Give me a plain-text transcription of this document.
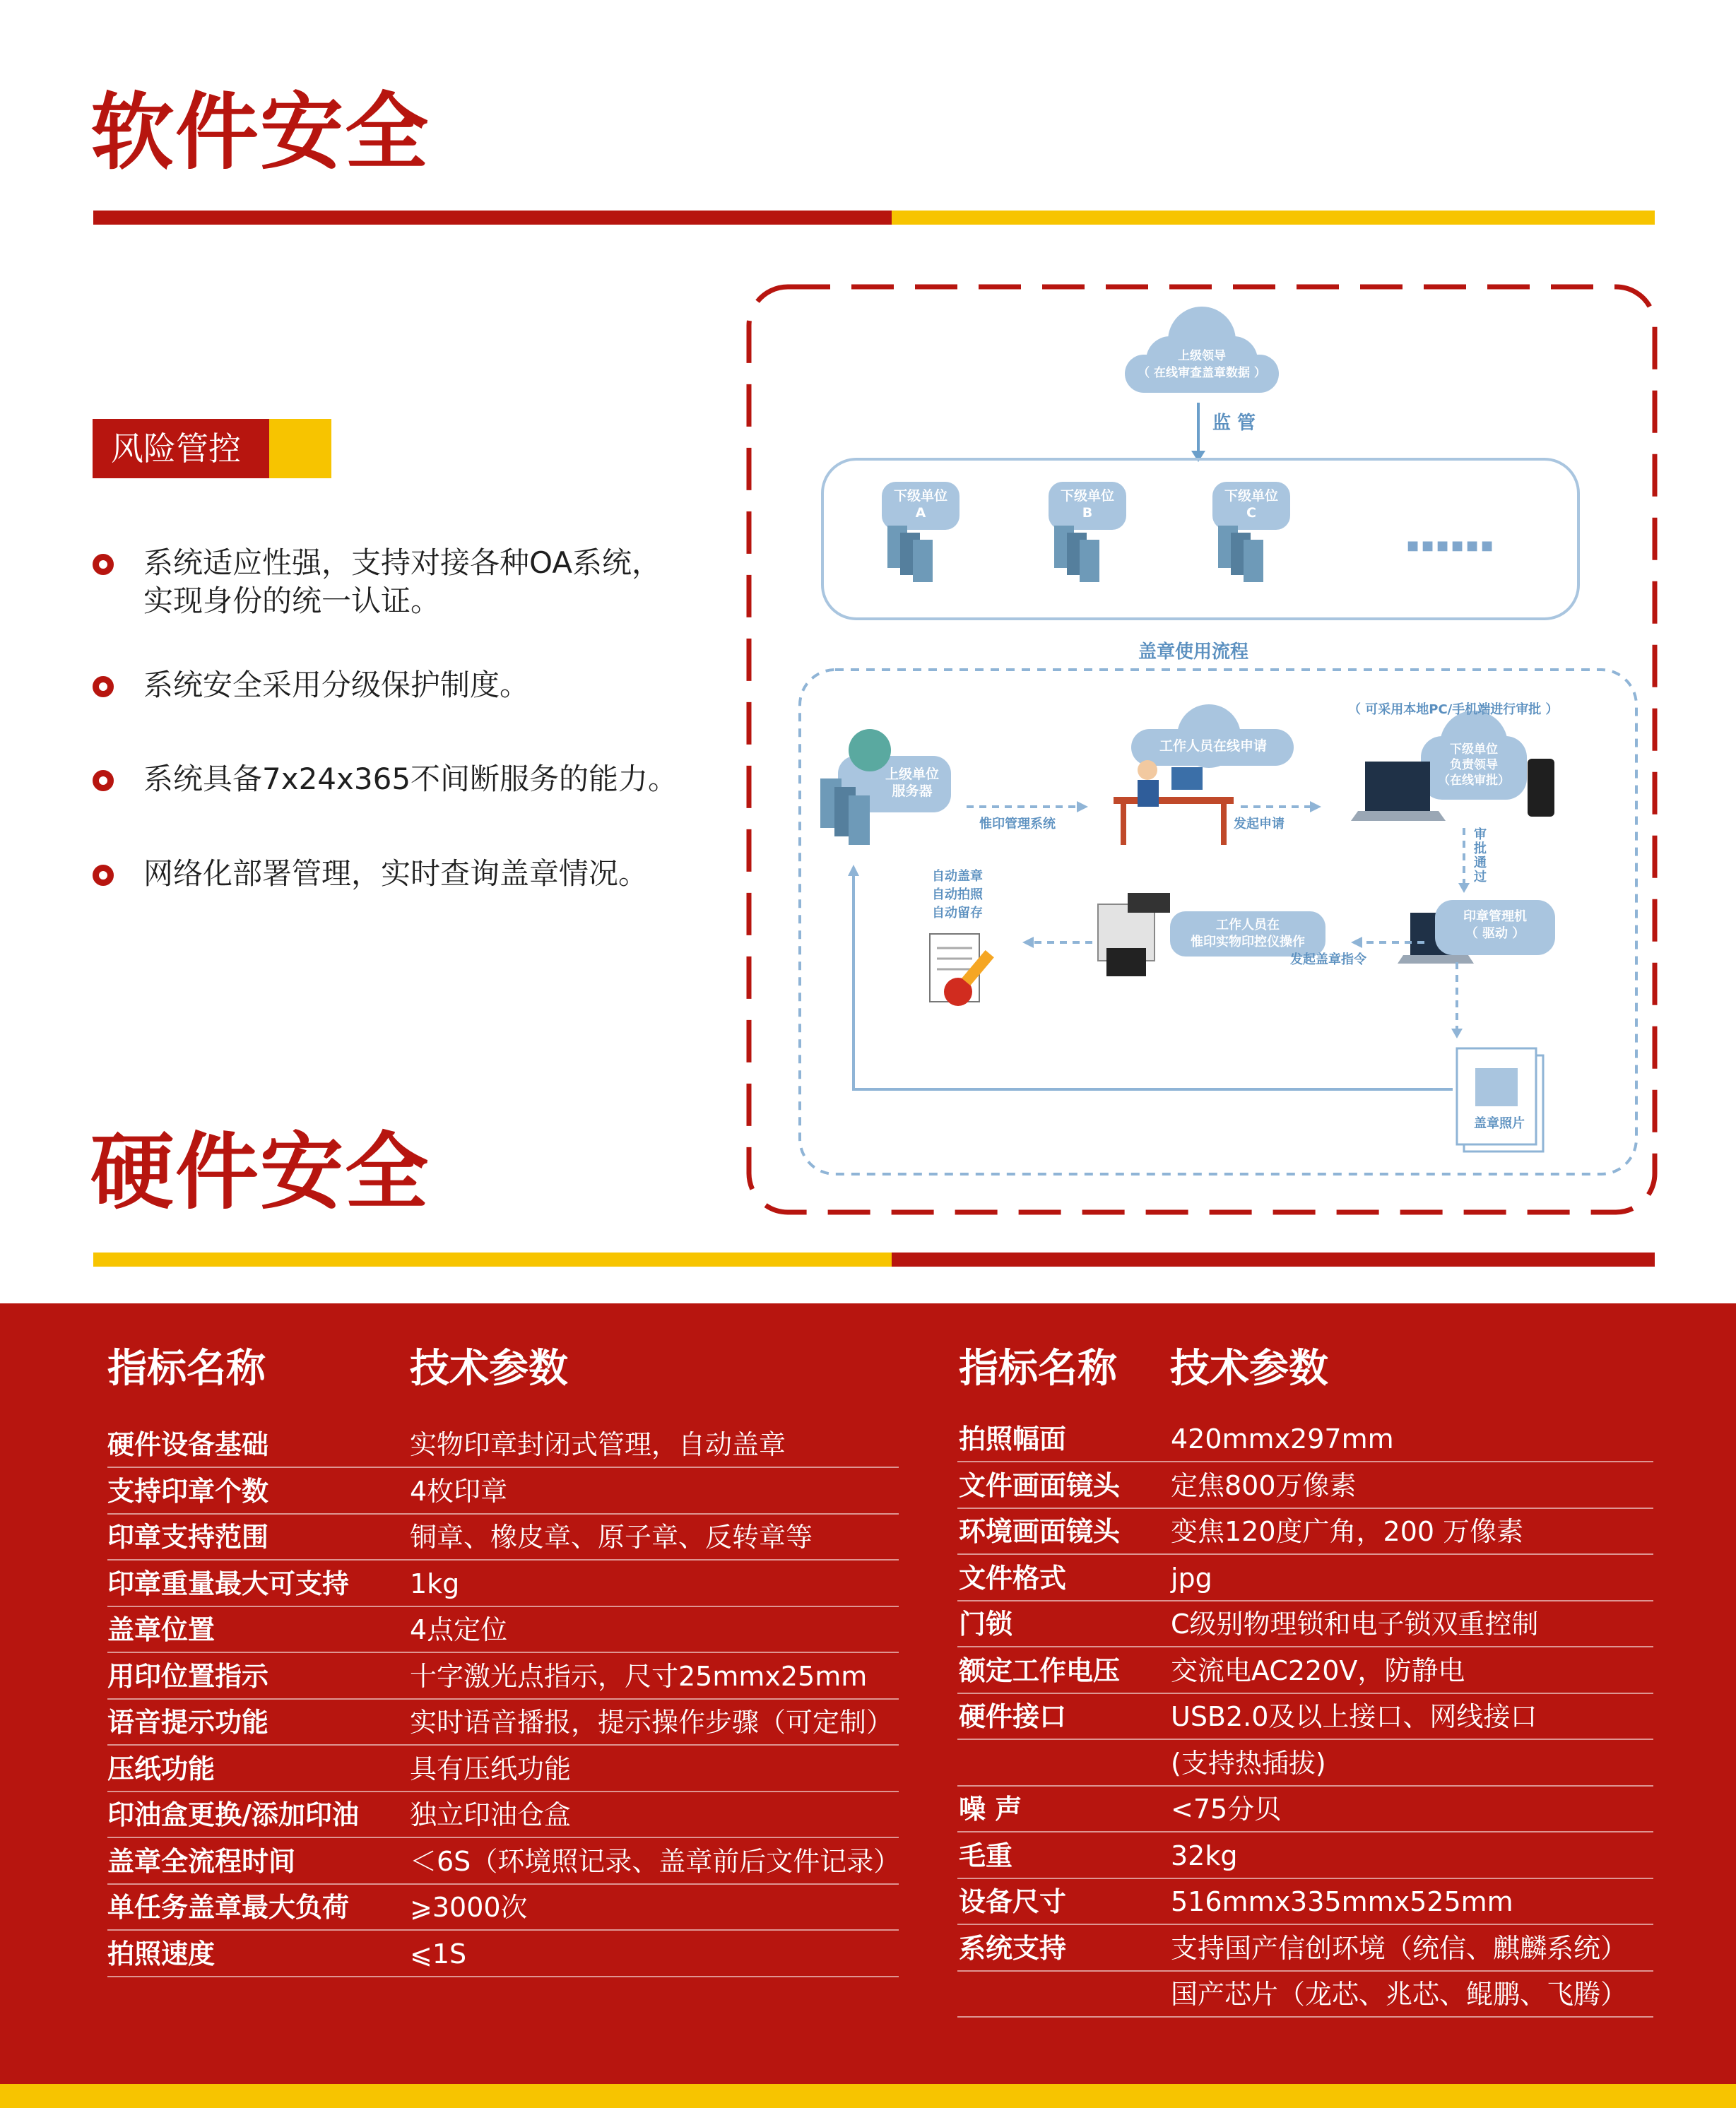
软件安全
风险管控
系统适应性强，支持对接各种OA系统，
实现身份的统一认证。
系统安全采用分级保护制度。
系统具备7x24x365不间断服务的能力。
网络化部署管理，实时查询盖章情况。
上级领导
（ 在线审查盖章数据 ）
监 管
下级单位
A
下级单位
B
下级单位
C
■■■■■■
盖章使用流程
（ 可采用本地PC/手机端进行审批 ）
上级单位
服务器
工作人员在线申请	下级单位
负责领导
（在线审批）
惟印管理系统	发起申请
审
批
通
过
自动盖章
自动拍照
自动留存
工作人员在
惟印实物印控仪操作
印章管理机
（ 驱动 ）
发起盖章指令
盖章照片
硬件安全
指标名称	技术参数	指标名称 技术参数
硬件设备基础	实物印章封闭式管理，自动盖章
支持印章个数	4枚印章
印章支持范围	铜章、橡皮章、原子章、反转章等
印章重量最大可支持 1kg
盖章位置	4点定位
用印位置指示	十字激光点指示，尺寸25mmx25mm
语音提示功能	实时语音播报，提示操作步骤（可定制）
压纸功能	具有压纸功能
印油盒更换/添加印油 独立印油仓盒
盖章全流程时间	＜6S（环境照记录、盖章前后文件记录）
单任务盖章最大负荷 ⩾3000次
拍照速度	⩽1S
拍照幅面	420mmx297mm
文件画面镜头 定焦800万像素
环境画面镜头 变焦120度广角，200 万像素
文件格式	jpg
门锁	C级别物理锁和电子锁双重控制
额定工作电压 交流电AC220V，防静电
硬件接口	USB2.0及以上接口、网线接口
(支持热插拔)
噪 声	<75分贝
毛重	32kg
设备尺寸	516mmx335mmx525mm
系统支持	支持国产信创环境（统信、麒麟系统）
国产芯片（龙芯、兆芯、鲲鹏、飞腾）
